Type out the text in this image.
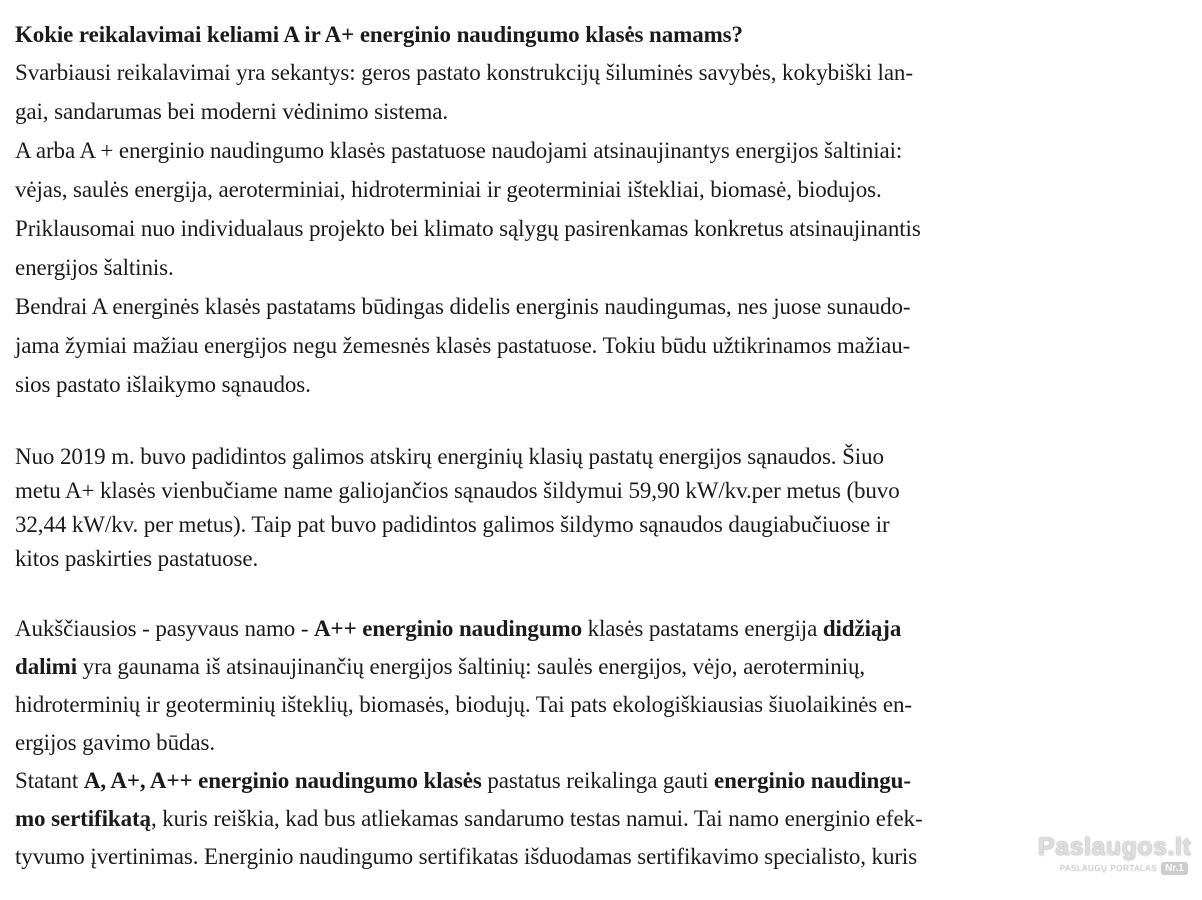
Kokie reikalavimai keliami A ir A+ energinio naudingumo klasės namams?
Svarbiausi reikalavimai yra sekantys: geros pastato konstrukcijų šiluminės savybės, kokybiški lan-
gai, sandarumas bei moderni vėdinimo sistema.
A arba A + energinio naudingumo klasės pastatuose naudojami atsinaujinantys energijos šaltiniai:
vėjas, saulės energija, aeroterminiai, hidroterminiai ir geoterminiai ištekliai, biomasė, biodujos.
Priklausomai nuo individualaus projekto bei klimato sąlygų pasirenkamas konkretus atsinaujinantis
energijos šaltinis.
Bendrai A energinės klasės pastatams būdingas didelis energinis naudingumas, nes juose sunaudo-
jama žymiai mažiau energijos negu žemesnės klasės pastatuose. Tokiu būdu užtikrinamos mažiau-
sios pastato išlaikymo sąnaudos.
Nuo 2019 m. buvo padidintos galimos atskirų energinių klasių pastatų energijos sąnaudos. Šiuo
metu A+ klasės vienbučiame name galiojančios sąnaudos šildymui 59,90 kW/kv.per metus (buvo
32,44 kW/kv. per metus). Taip pat buvo padidintos galimos šildymo sąnaudos daugiabučiuose ir
kitos paskirties pastatuose.
Aukščiausios - pasyvaus namo - A++ energinio naudingumo klasės pastatams energija didžiąja
dalimi yra gaunama iš atsinaujinančių energijos šaltinių: saulės energijos, vėjo, aeroterminių,
hidroterminių ir geoterminių išteklių, biomasės, biodujų. Tai pats ekologiškiausias šiuolaikinės en-
ergijos gavimo būdas.
Statant A, A+, A++ energinio naudingumo klasės pastatus reikalinga gauti energinio naudingu-
mo sertifikatą, kuris reiškia, kad bus atliekamas sandarumo testas namui. Tai namo energinio efek-
tyvumo įvertinimas. Energinio naudingumo sertifikatas išduodamas sertifikavimo specialisto, kuris	Paslaugos.lt
PASLAUGŲ PORTALAS Nr.1
